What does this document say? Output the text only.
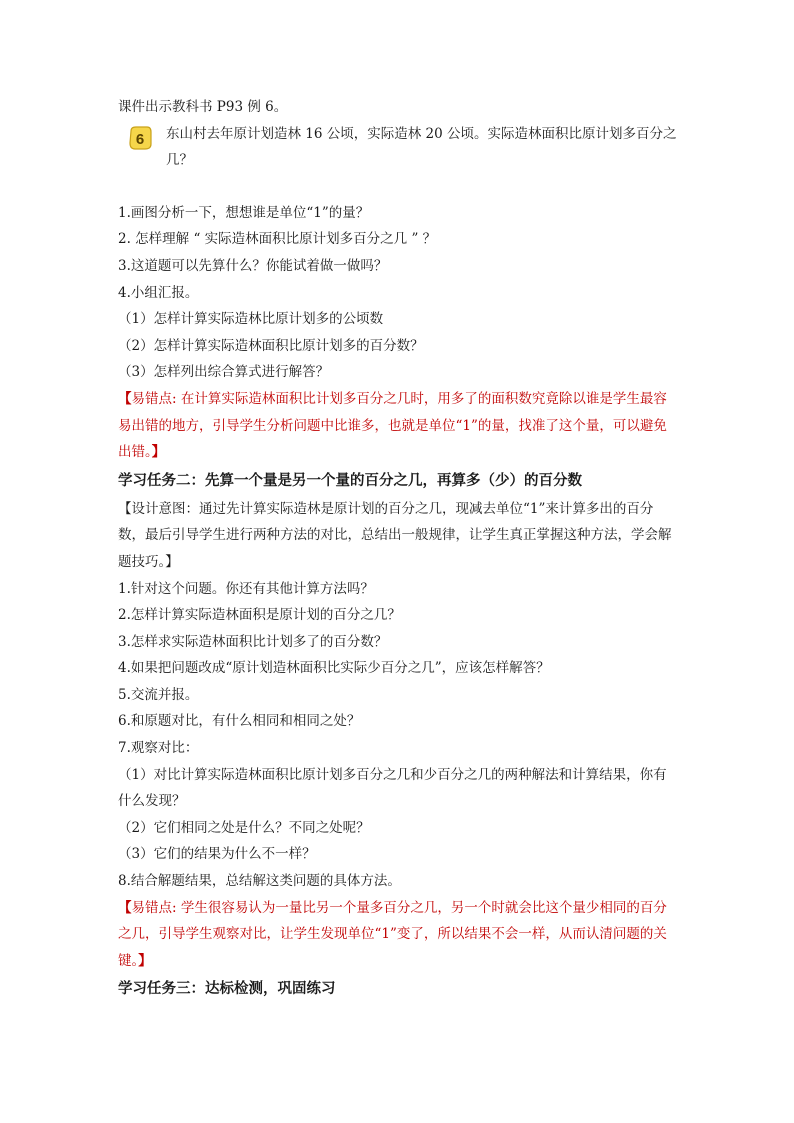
课件出示教科书 P93 例 6。
6 东山村去年原计划造林 16 公顷，实际造林 20 公顷。实际造林面积比原计划多百分之几？
1.画图分析一下，想想谁是单位“1”的量？
2. 怎样理解 “ 实际造林面积比原计划多百分之几 ” ？
3.这道题可以先算什么？你能试着做一做吗？
4.小组汇报。
（1）怎样计算实际造林比原计划多的公顷数
（2）怎样计算实际造林面积比原计划多的百分数？
（3）怎样列出综合算式进行解答？
【易错点: 在计算实际造林面积比计划多百分之几时，用多了的面积数究竟除以谁是学生最容易出错的地方，引导学生分析问题中比谁多，也就是单位“1”的量，找准了这个量，可以避免出错。】
学习任务二：先算一个量是另一个量的百分之几，再算多（少）的百分数
【设计意图：通过先计算实际造林是原计划的百分之几，现减去单位“1”来计算多出的百分数，最后引导学生进行两种方法的对比，总结出一般规律，让学生真正掌握这种方法，学会解题技巧。】
1.针对这个问题。你还有其他计算方法吗？
2.怎样计算实际造林面积是原计划的百分之几？
3.怎样求实际造林面积比计划多了的百分数？
4.如果把问题改成“原计划造林面积比实际少百分之几”，应该怎样解答？
5.交流并报。
6.和原题对比，有什么相同和相同之处？
7.观察对比：
（1）对比计算实际造林面积比原计划多百分之几和少百分之几的两种解法和计算结果，你有什么发现？
（2）它们相同之处是什么？不同之处呢？
（3）它们的结果为什么不一样？
8.结合解题结果，总结解这类问题的具体方法。
【易错点: 学生很容易认为一量比另一个量多百分之几，另一个时就会比这个量少相同的百分之几，引导学生观察对比，让学生发现单位“1”变了，所以结果不会一样，从而认清问题的关键。】
学习任务三：达标检测，巩固练习
